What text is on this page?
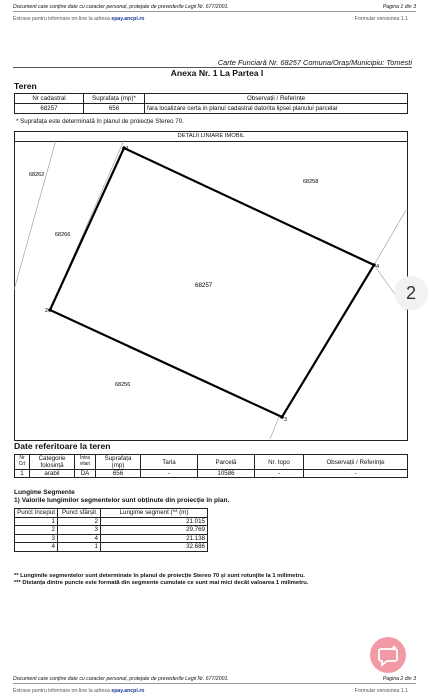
Document care conține date cu caracter personal, protejate de prevederile Legii Nr. 677/2001.	Pagina 1 din 3
Extrase pentru informare on-line la adresa epay.ancpi.ro	Formular versiunea 1.1
Carte Funciară Nr. 68257 Comuna/Oraș/Municipiu: Tomesti
Anexa Nr. 1 La Partea I
Teren
Nr cadastral	Suprafața (mp)*	Observații / Referințe
68257	656	fara localizare certa in planul cadastral datorita lipsei planului parcelar
* Suprafața este determinată în planul de proiecție Stereo 70.
DETALII LINIARE IMOBIL
1
2
3
4
68257
68262
68258
68266
68256
Date referitoare la teren
Nr Crt	Categorie folosință	Intra vilan	Suprafața (mp)	Tarla	Parcelă	Nr. topo	Observații / Referințe
1	arabil	DA	656	-	10586	-	-
Lungime Segmente
1) Valorile lungimilor segmentelor sunt obținute din proiecție în plan.
Punct început	Punct sfârșit	Lungime segment (** (m)
1	2	21.015
2	3	29.769
3	4	21.138
4	1	32.686
** Lungimile segmentelor sunt determinate în planul de proiecție Stereo 70 și sunt rotunjite la 1 milimetru.
*** Distanța dintre puncte este formată din segmente cumulate ce sunt mai mici decât valoarea 1 milimetru.
Document care conține date cu caracter personal, protejate de prevederile Legii Nr. 677/2001.	Pagina 2 din 3
Extrase pentru informare on-line la adresa epay.ancpi.ro	Formular versiunea 1.1
2
